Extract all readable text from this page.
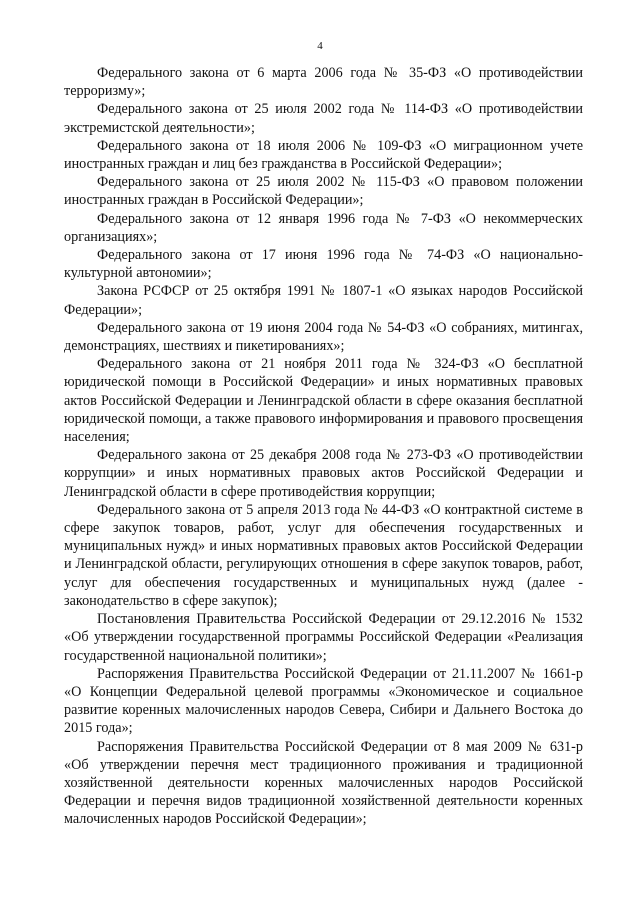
4

Федерального закона от 6 марта 2006 года № 35-ФЗ «О противодействии терроризму»;

Федерального закона от 25 июля 2002 года № 114-ФЗ «О противодействии экстремистской деятельности»;

Федерального закона от 18 июля 2006 № 109-ФЗ «О миграционном учете иностранных граждан и лиц без гражданства в Российской Федерации»;

Федерального закона от 25 июля 2002 № 115-ФЗ «О правовом положении иностранных граждан в Российской Федерации»;

Федерального закона от 12 января 1996 года № 7-ФЗ «О некоммерческих организациях»;

Федерального закона от 17 июня 1996 года № 74-ФЗ «О национально-культурной автономии»;

Закона РСФСР от 25 октября 1991 № 1807-1 «О языках народов Российской Федерации»;

Федерального закона от 19 июня 2004 года № 54-ФЗ «О собраниях, митингах, демонстрациях, шествиях и пикетированиях»;

Федерального закона от 21 ноября 2011 года № 324-ФЗ «О бесплатной юридической помощи в Российской Федерации» и иных нормативных правовых актов Российской Федерации и Ленинградской области в сфере оказания бесплатной юридической помощи, а также правового информирования и правового просвещения населения;

Федерального закона от 25 декабря 2008 года № 273-ФЗ «О противодействии коррупции» и иных нормативных правовых актов Российской Федерации и Ленинградской области в сфере противодействия коррупции;

Федерального закона от 5 апреля 2013 года № 44-ФЗ «О контрактной системе в сфере закупок товаров, работ, услуг для обеспечения государственных и муниципальных нужд» и иных нормативных правовых актов Российской Федерации и Ленинградской области, регулирующих отношения в сфере закупок товаров, работ, услуг для обеспечения государственных и муниципальных нужд (далее - законодательство в сфере закупок);

Постановления Правительства Российской Федерации от 29.12.2016 № 1532 «Об утверждении государственной программы Российской Федерации «Реализация государственной национальной политики»;

Распоряжения Правительства Российской Федерации от 21.11.2007 № 1661-р «О Концепции Федеральной целевой программы «Экономическое и социальное развитие коренных малочисленных народов Севера, Сибири и Дальнего Востока до 2015 года»;

Распоряжения Правительства Российской Федерации от 8 мая 2009 № 631-р «Об утверждении перечня мест традиционного проживания и традиционной хозяйственной деятельности коренных малочисленных народов Российской Федерации и перечня видов традиционной хозяйственной деятельности коренных малочисленных народов Российской Федерации»;
